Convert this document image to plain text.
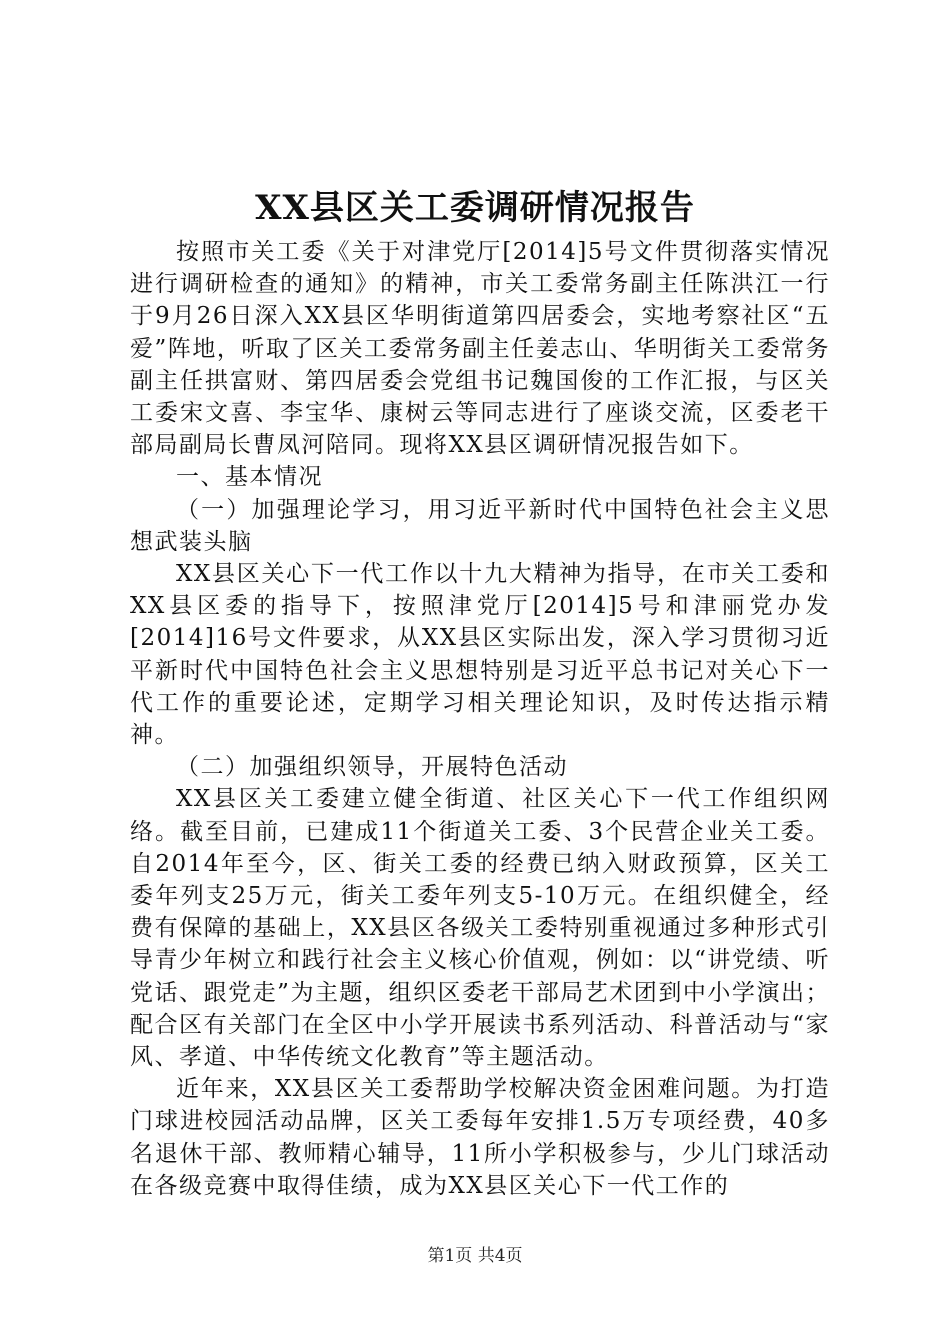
XX县区关工委调研情况报告

按照市关工委《关于对津党厅[2014]5号文件贯彻落实情况进行调研检查的通知》的精神，市关工委常务副主任陈洪江一行于9月26日深入XX县区华明街道第四居委会，实地考察社区“五爱”阵地，听取了区关工委常务副主任姜志山、华明街关工委常务副主任拱富财、第四居委会党组书记魏国俊的工作汇报，与区关工委宋文喜、李宝华、康树云等同志进行了座谈交流，区委老干部局副局长曹凤河陪同。现将XX县区调研情况报告如下。

一、基本情况

（一）加强理论学习，用习近平新时代中国特色社会主义思想武装头脑

XX县区关心下一代工作以十九大精神为指导，在市关工委和XX县区委的指导下，按照津党厅[2014]5号和津丽党办发[2014]16号文件要求，从XX县区实际出发，深入学习贯彻习近平新时代中国特色社会主义思想特别是习近平总书记对关心下一代工作的重要论述，定期学习相关理论知识，及时传达指示精神。

（二）加强组织领导，开展特色活动

XX县区关工委建立健全街道、社区关心下一代工作组织网络。截至目前，已建成11个街道关工委、3个民营企业关工委。自2014年至今，区、街关工委的经费已纳入财政预算，区关工委年列支25万元，街关工委年列支5-10万元。在组织健全，经费有保障的基础上，XX县区各级关工委特别重视通过多种形式引导青少年树立和践行社会主义核心价值观，例如：以“讲党绩、听党话、跟党走”为主题，组织区委老干部局艺术团到中小学演出；配合区有关部门在全区中小学开展读书系列活动、科普活动与“家风、孝道、中华传统文化教育”等主题活动。

近年来，XX县区关工委帮助学校解决资金困难问题。为打造门球进校园活动品牌，区关工委每年安排1.5万专项经费，40多名退休干部、教师精心辅导，11所小学积极参与，少儿门球活动在各级竞赛中取得佳绩，成为XX县区关心下一代工作的

第1页 共4页
